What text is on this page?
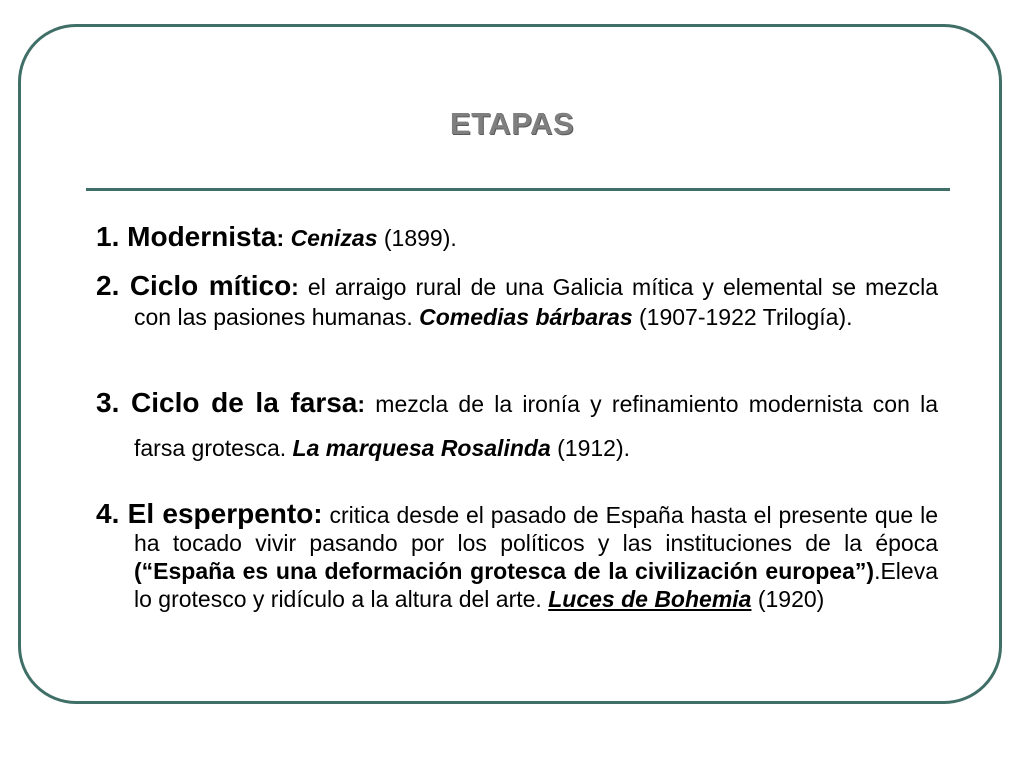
ETAPAS
1. Modernista: Cenizas (1899).
2. Ciclo mítico: el arraigo rural de una Galicia mítica y elemental se mezcla con las pasiones humanas. Comedias bárbaras (1907-1922 Trilogía).
3. Ciclo de la farsa: mezcla de la ironía y refinamiento modernista con la farsa grotesca. La marquesa Rosalinda (1912).
4. El esperpento: critica desde el pasado de España hasta el presente que le ha tocado vivir pasando por los políticos y las instituciones de la época (“España es una deformación grotesca de la civilización europea”).Eleva lo grotesco y ridículo a la altura del arte. Luces de Bohemia (1920)
